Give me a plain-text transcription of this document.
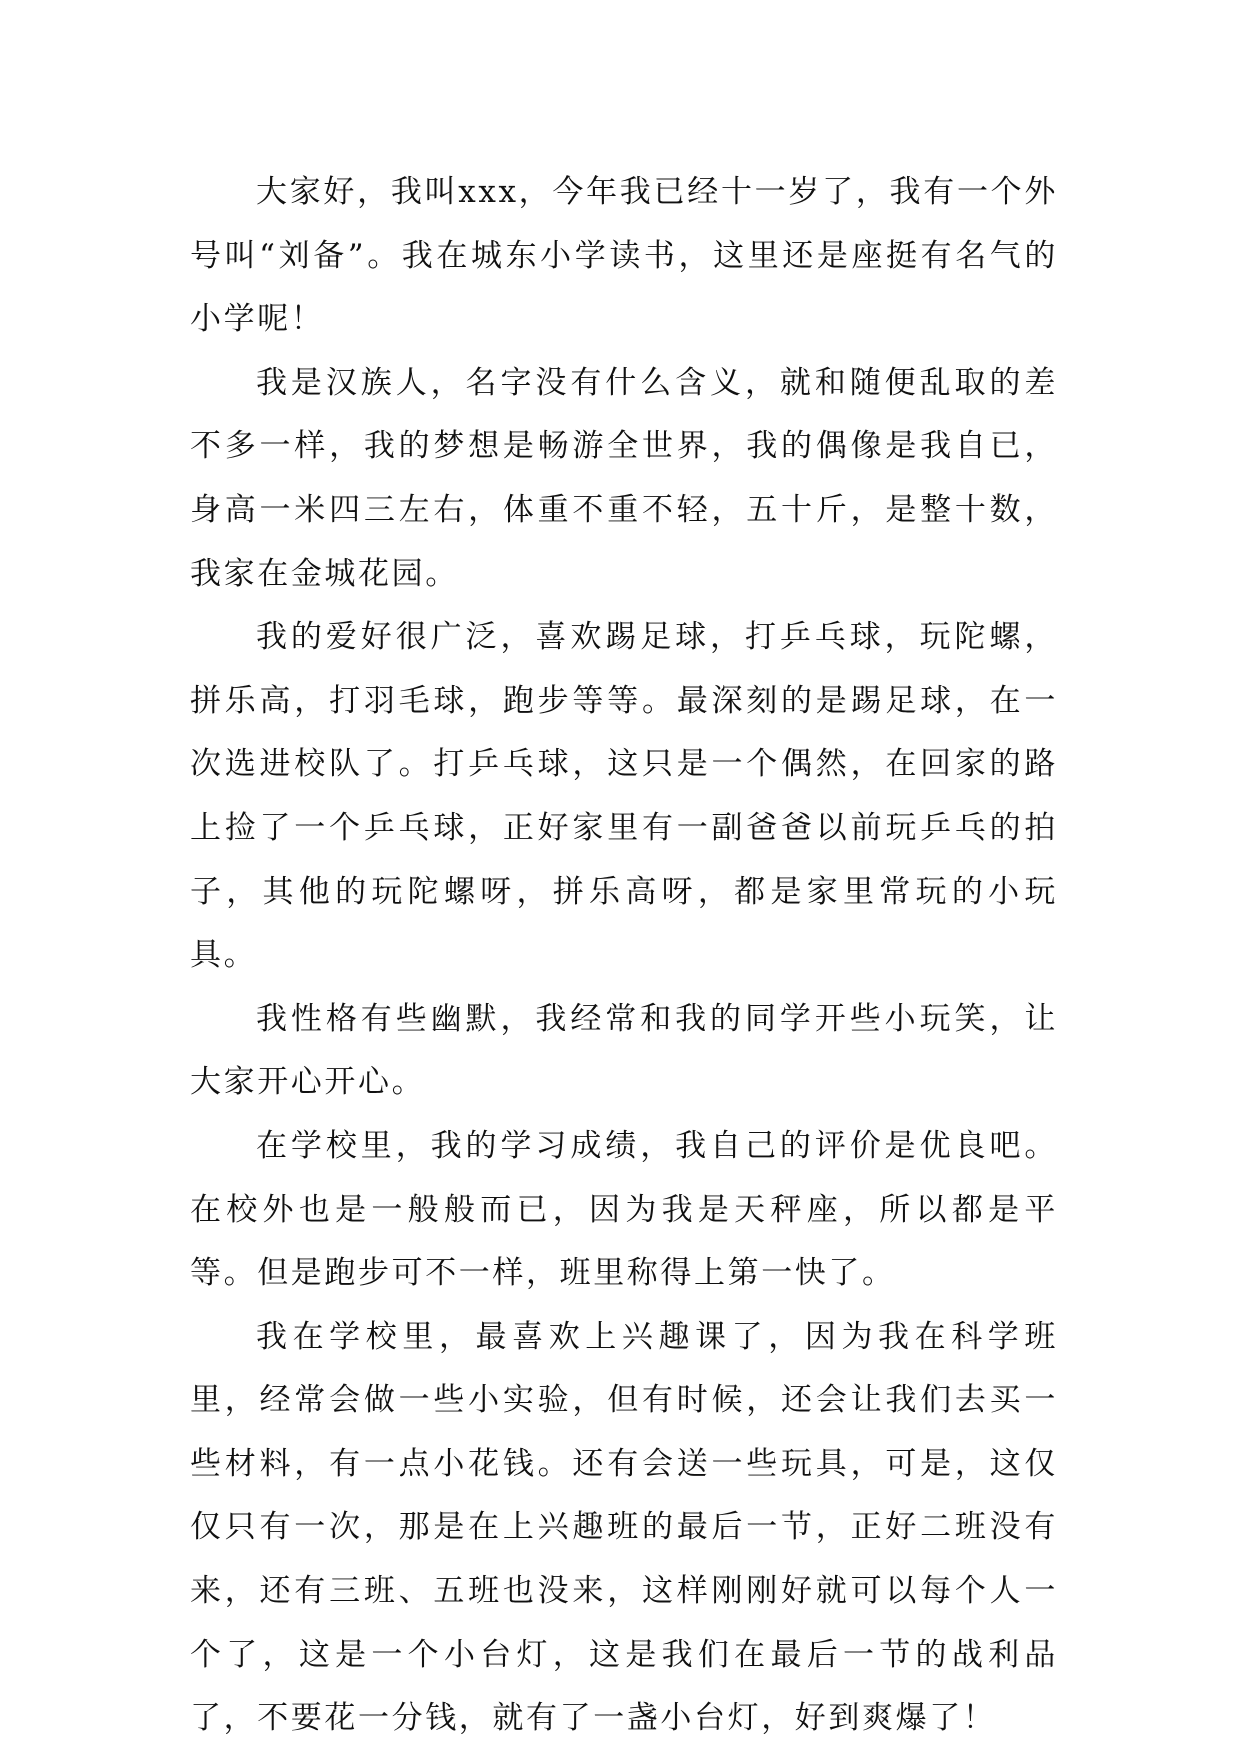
大家好，我叫xxx，今年我已经十一岁了，我有一个外号叫“刘备”。我在城东小学读书，这里还是座挺有名气的小学呢！

我是汉族人，名字没有什么含义，就和随便乱取的差不多一样，我的梦想是畅游全世界，我的偶像是我自已，身高一米四三左右，体重不重不轻，五十斤，是整十数，我家在金城花园。

我的爱好很广泛，喜欢踢足球，打乒乓球，玩陀螺，拼乐高，打羽毛球，跑步等等。最深刻的是踢足球，在一次选进校队了。打乒乓球，这只是一个偶然，在回家的路上捡了一个乒乓球，正好家里有一副爸爸以前玩乒乓的拍子，其他的玩陀螺呀，拼乐高呀，都是家里常玩的小玩具。

我性格有些幽默，我经常和我的同学开些小玩笑，让大家开心开心。

在学校里，我的学习成绩，我自己的评价是优良吧。在校外也是一般般而已，因为我是天秤座，所以都是平等。但是跑步可不一样，班里称得上第一快了。

我在学校里，最喜欢上兴趣课了，因为我在科学班里，经常会做一些小实验，但有时候，还会让我们去买一些材料，有一点小花钱。还有会送一些玩具，可是，这仅仅只有一次，那是在上兴趣班的最后一节，正好二班没有来，还有三班、五班也没来，这样刚刚好就可以每个人一个了，这是一个小台灯，这是我们在最后一节的战利品了，不要花一分钱，就有了一盏小台灯，好到爽爆了！
